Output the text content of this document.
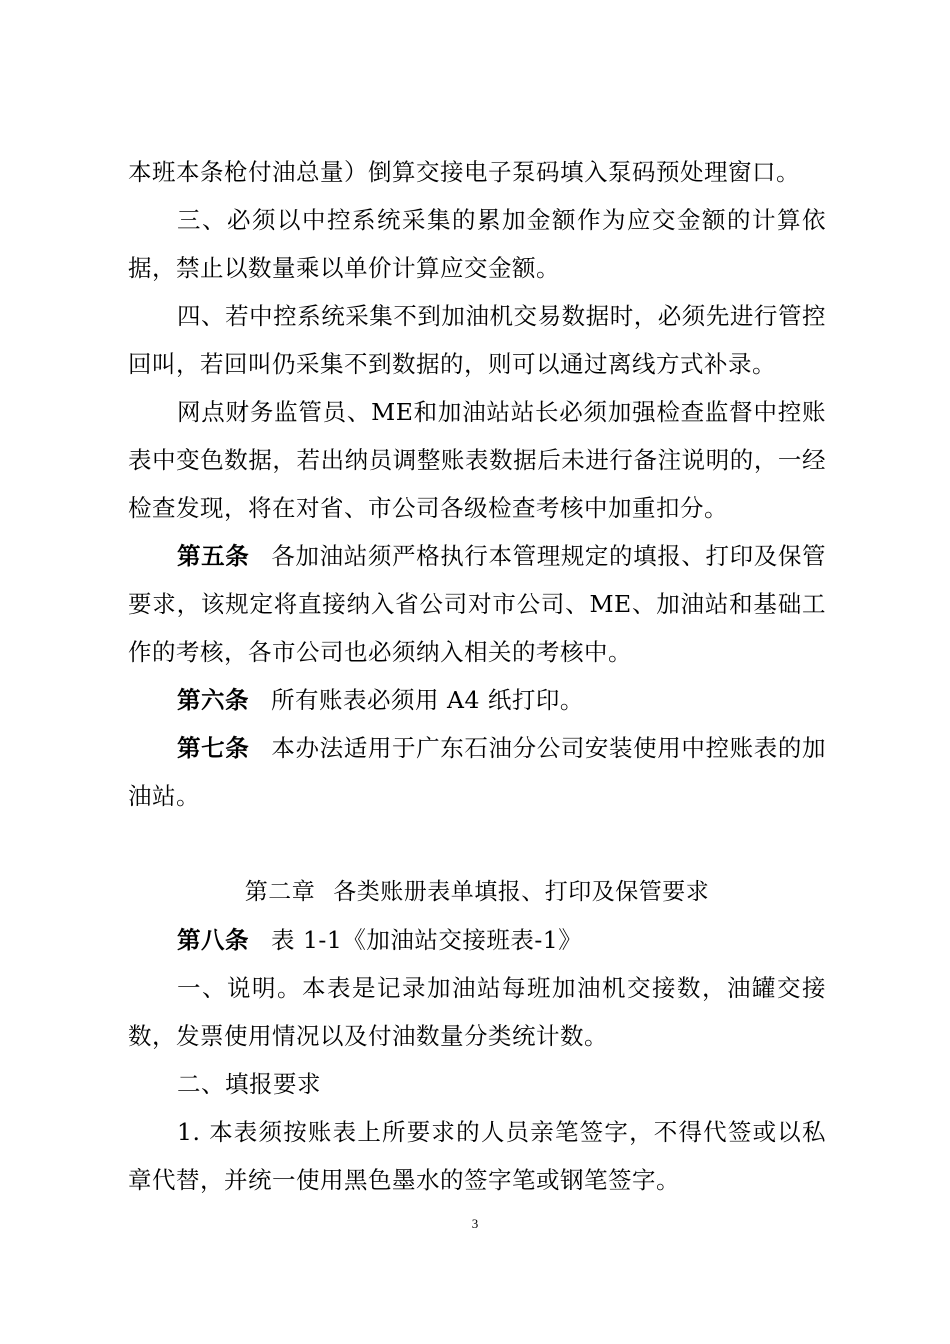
本班本条枪付油总量）倒算交接电子泵码填入泵码预处理窗口。

三、必须以中控系统采集的累加金额作为应交金额的计算依据，禁止以数量乘以单价计算应交金额。

四、若中控系统采集不到加油机交易数据时，必须先进行管控回叫，若回叫仍采集不到数据的，则可以通过离线方式补录。

网点财务监管员、ME和加油站站长必须加强检查监督中控账表中变色数据，若出纳员调整账表数据后未进行备注说明的，一经检查发现，将在对省、市公司各级检查考核中加重扣分。

第五条 各加油站须严格执行本管理规定的填报、打印及保管要求，该规定将直接纳入省公司对市公司、ME、加油站和基础工作的考核，各市公司也必须纳入相关的考核中。

第六条 所有账表必须用 A4 纸打印。

第七条 本办法适用于广东石油分公司安装使用中控账表的加油站。

第二章 各类账册表单填报、打印及保管要求

第八条 表 1-1《加油站交接班表-1》

一、说明。本表是记录加油站每班加油机交接数，油罐交接数，发票使用情况以及付油数量分类统计数。

二、填报要求

1. 本表须按账表上所要求的人员亲笔签字，不得代签或以私章代替，并统一使用黑色墨水的签字笔或钢笔签字。

3
